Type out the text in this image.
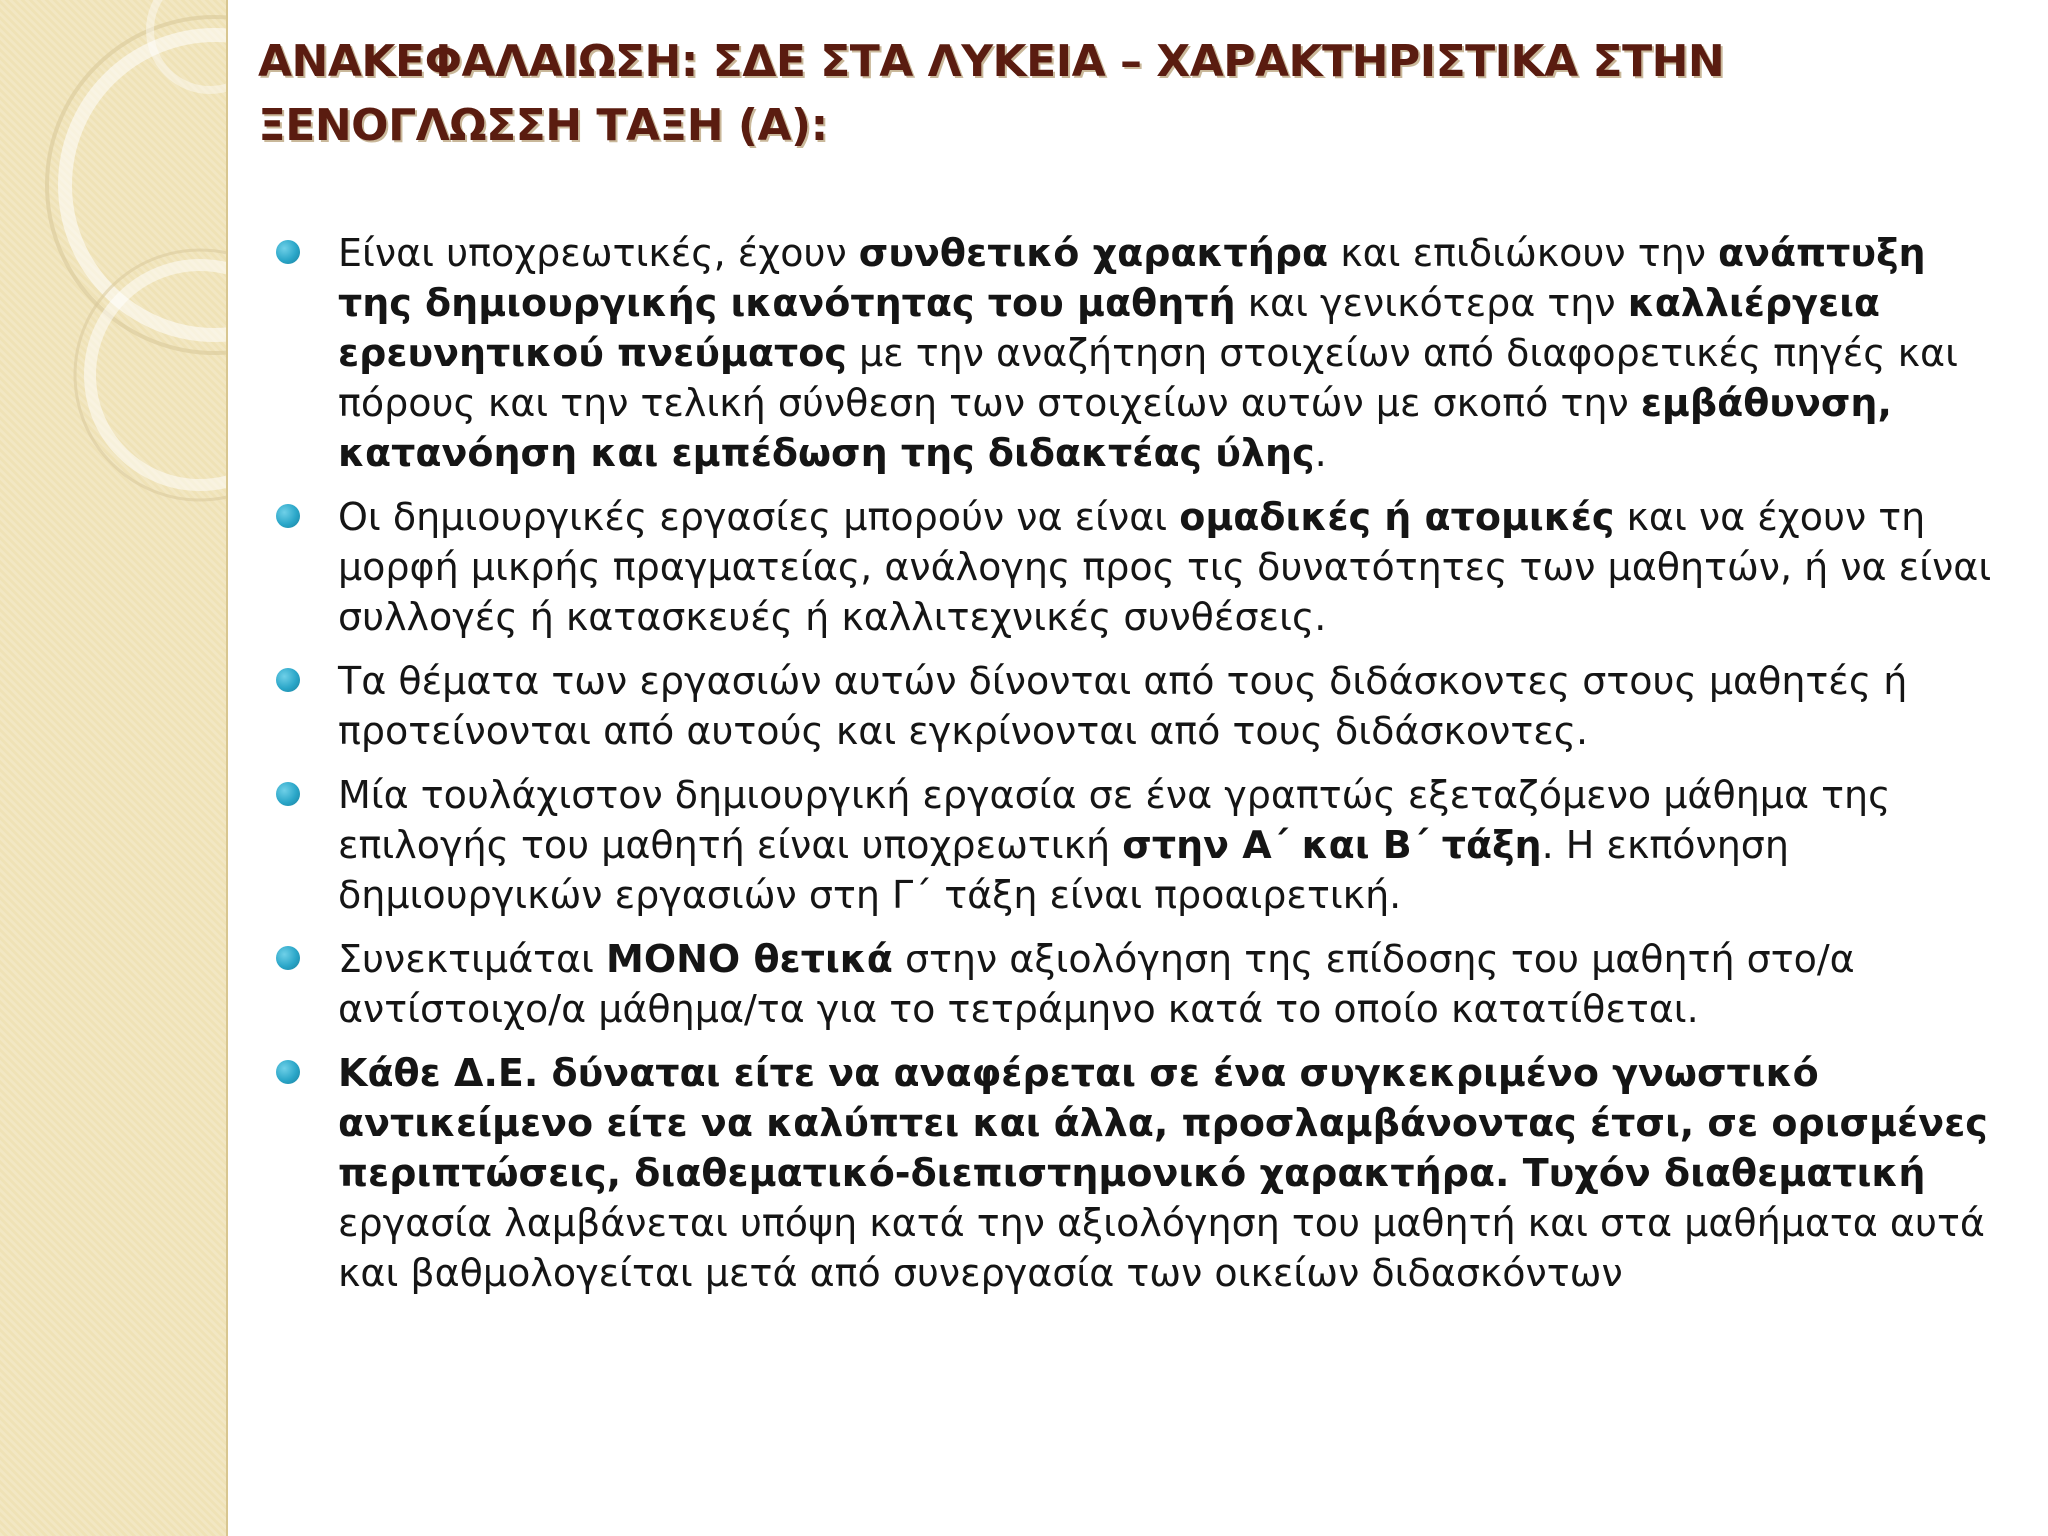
ΑΝΑΚΕΦΑΛΑΙΩΣΗ: ΣΔΕ ΣΤΑ ΛΥΚΕΙΑ – ΧΑΡΑΚΤΗΡΙΣΤΙΚΑ ΣΤΗΝ ΞΕΝΟΓΛΩΣΣΗ ΤΑΞΗ (Α):
Είναι υποχρεωτικές, έχουν συνθετικό χαρακτήρα και επιδιώκουν την ανάπτυξη της δημιουργικής ικανότητας του μαθητή και γενικότερα την καλλιέργεια ερευνητικού πνεύματος με την αναζήτηση στοιχείων από διαφορετικές πηγές και πόρους και την τελική σύνθεση των στοιχείων αυτών με σκοπό την εμβάθυνση, κατανόηση και εμπέδωση της διδακτέας ύλης.
Οι δημιουργικές εργασίες μπορούν να είναι ομαδικές ή ατομικές και να έχουν τη μορφή μικρής πραγματείας, ανάλογης προς τις δυνατότητες των μαθητών, ή να είναι συλλογές ή κατασκευές ή καλλιτεχνικές συνθέσεις.
Τα θέματα των εργασιών αυτών δίνονται από τους διδάσκοντες στους μαθητές ή προτείνονται από αυτούς και εγκρίνονται από τους διδάσκοντες.
Μία τουλάχιστον δημιουργική εργασία σε ένα γραπτώς εξεταζόμενο μάθημα της επιλογής του μαθητή είναι υποχρεωτική στην Α΄ και Β΄ τάξη. Η εκπόνηση δημιουργικών εργασιών στη Γ΄ τάξη είναι προαιρετική.
Συνεκτιμάται ΜΟΝΟ θετικά στην αξιολόγηση της επίδοσης του μαθητή στο/α αντίστοιχο/α μάθημα/τα για το τετράμηνο κατά το οποίο κατατίθεται.
Κάθε Δ.Ε. δύναται είτε να αναφέρεται σε ένα συγκεκριμένο γνωστικό αντικείμενο είτε να καλύπτει και άλλα, προσλαμβάνοντας έτσι, σε ορισμένες περιπτώσεις, διαθεματικό-διεπιστημονικό χαρακτήρα. Τυχόν διαθεματική εργασία λαμβάνεται υπόψη κατά την αξιολόγηση του μαθητή και στα μαθήματα αυτά και βαθμολογείται μετά από συνεργασία των οικείων διδασκόντων
